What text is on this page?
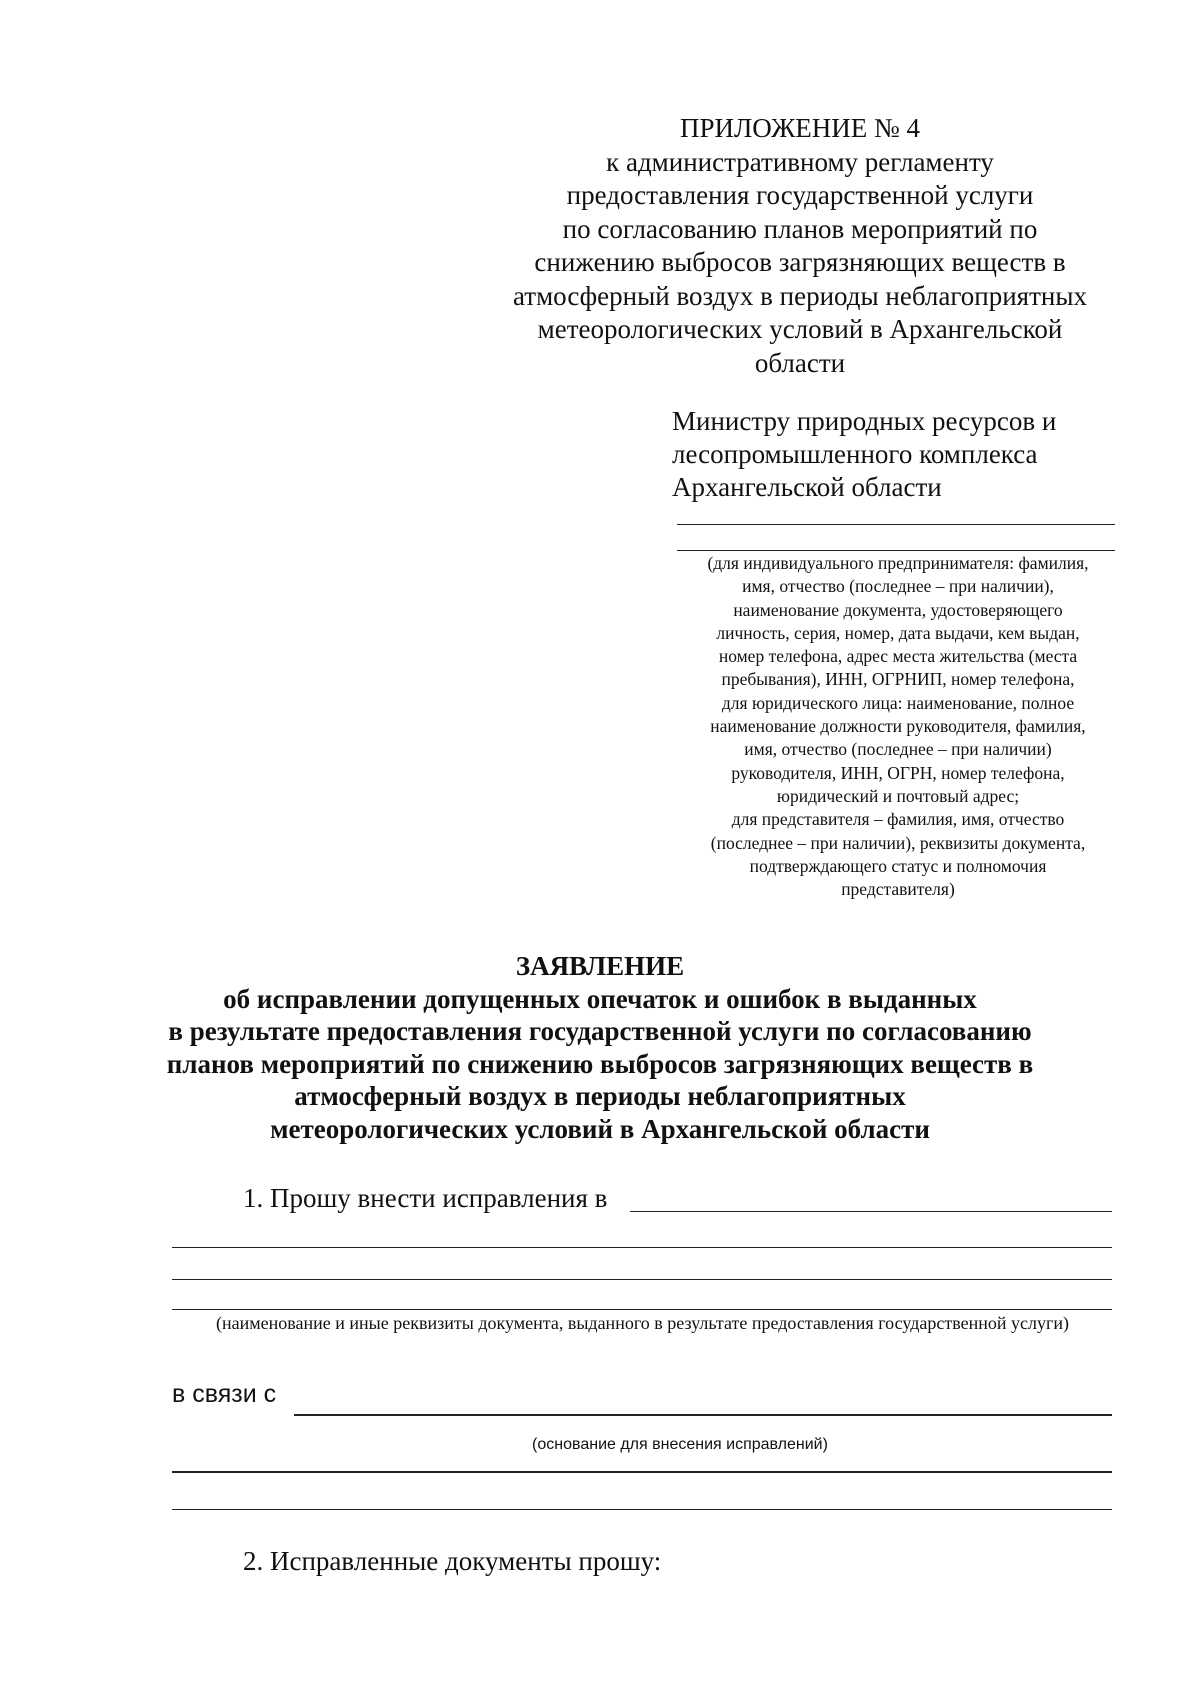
ПРИЛОЖЕНИЕ № 4
к административному регламенту
предоставления государственной услуги
по согласованию планов мероприятий по
снижению выбросов загрязняющих веществ в
атмосферный воздух в периоды неблагоприятных
метеорологических условий в Архангельской
области
Министру природных ресурсов и
лесопромышленного комплекса
Архангельской области
(для индивидуального предпринимателя: фамилия,
имя, отчество (последнее – при наличии),
наименование документа, удостоверяющего
личность, серия, номер, дата выдачи, кем выдан,
номер телефона, адрес места жительства (места
пребывания), ИНН, ОГРНИП, номер телефона,
для юридического лица: наименование, полное
наименование должности руководителя, фамилия,
имя, отчество (последнее – при наличии)
руководителя, ИНН, ОГРН, номер телефона,
юридический и почтовый адрес;
для представителя – фамилия, имя, отчество
(последнее – при наличии), реквизиты документа,
подтверждающего статус и полномочия
представителя)
ЗАЯВЛЕНИЕ
об исправлении допущенных опечаток и ошибок в выданных
в результате предоставления государственной услуги по согласованию
планов мероприятий по снижению выбросов загрязняющих веществ в
атмосферный воздух в периоды неблагоприятных
метеорологических условий в Архангельской области
1. Прошу внести исправления в
(наименование и иные реквизиты документа, выданного в результате предоставления государственной услуги)
в связи с
(основание для внесения исправлений)
2. Исправленные документы прошу:
